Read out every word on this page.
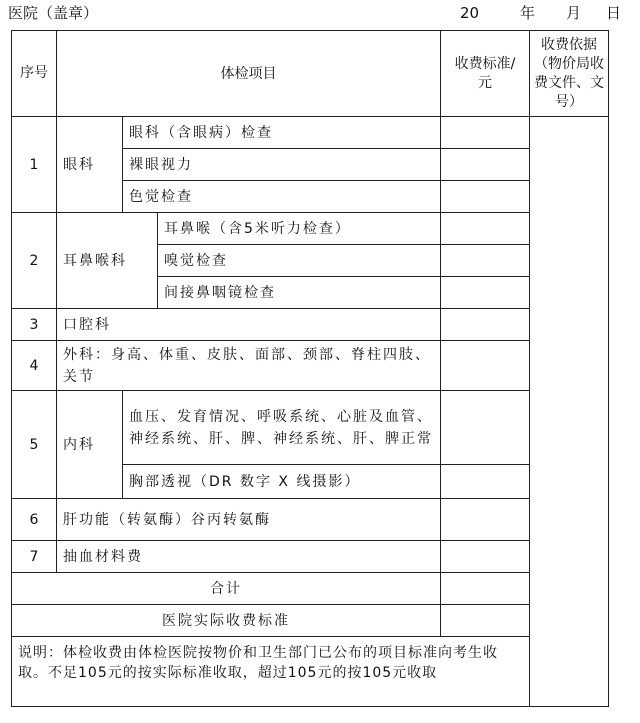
医院（盖章）	20	年 月 日
序号	体检项目			收费标准/元	收费依据（物价局收费文件、文号）

1	眼科	眼科（含眼病）检查			
		裸眼视力			
		色觉检查			
2	耳鼻喉科		耳鼻喉（含5米听力检查）		
			嗅觉检查		
			间接鼻咽镜检查		
3	口腔科				
4	外科：身高、体重、皮肤、面部、颈部、脊柱四肢、关节				
5	内科	血压、发育情况、呼吸系统、心脏及血管、神经系统、肝、脾、神经系统、肝、脾正常			
		胸部透视（DR 数字 X 线摄影）			
6	肝功能（转氨酶）谷丙转氨酶				
7	抽血材料费				
合计					
医院实际收费标准					
说明：体检收费由体检医院按物价和卫生部门已公布的项目标准向考生收取。不足105元的按实际标准收取，超过105元的按105元收取					
